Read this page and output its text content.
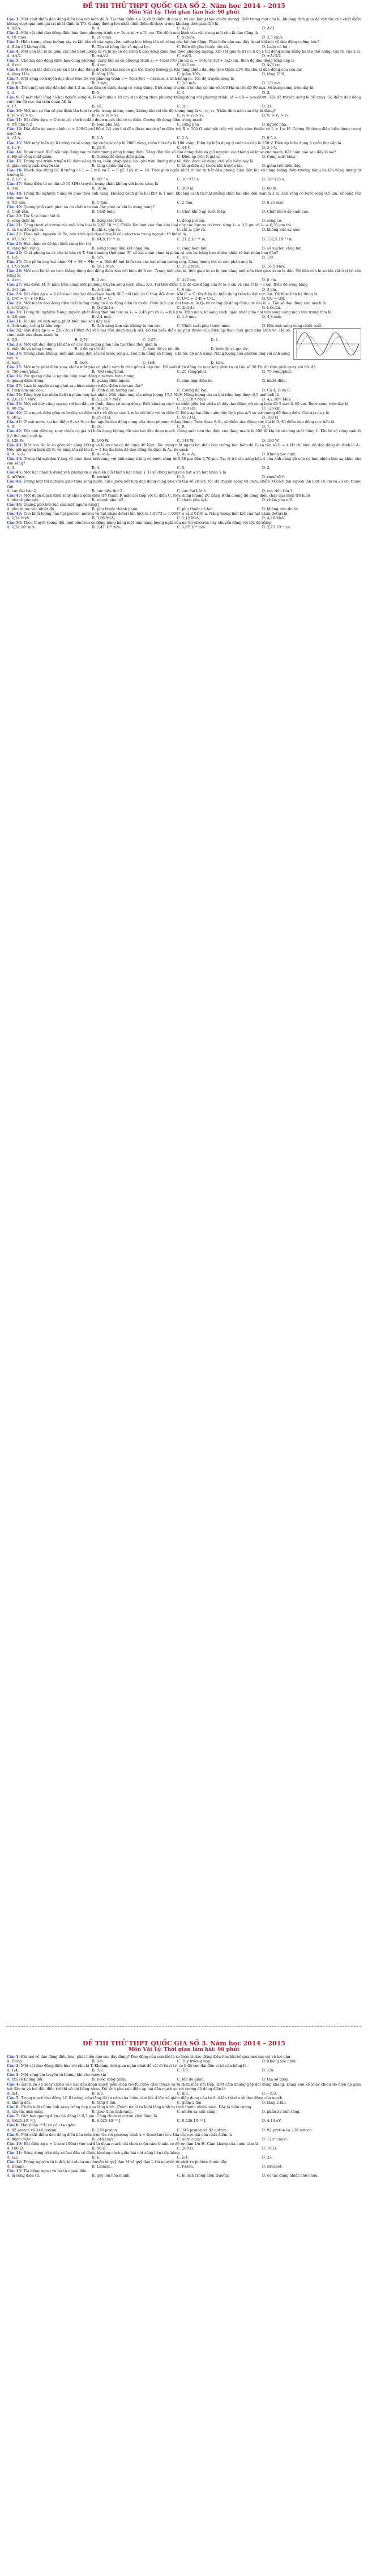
ĐỀ THI THỬ THPT QUỐC GIA SỐ 2. Năm học 2014 – 2015

Môn Vật Lý. Thời gian làm bài: 90 phút

Câu 1: Một chất điểm dao động điều hòa với biên độ A. Tại thời điểm t = 0, chất điểm đi qua vị trí cân bằng theo chiều dương. Biết trong một chu kì, khoảng thời gian để vận tốc của chất điểm không vượt quá một giá trị nhất định là T/3. Quãng đường lớn nhất chất điểm đi được trong khoảng thời gian T/6 là

A. 0,5A.	B. A.	C. A√2.	D. A√3.

Câu 2: Một vật nhỏ dao động điều hòa theo phương trình x = 5cos(πt + π/3) cm. Tốc độ trung bình của vật trong một chu kì dao động là

A. 10 cm/s.	B. 20 cm/s.	C. 5 cm/s.	D. 2,5 cm/s.

Câu 3: Hiện tượng cộng hưởng xảy ra khi tần số của ngoại lực cưỡng bức bằng tần số riêng của hệ dao động. Phát biểu nào sau đây là sai khi nói về dao động cưỡng bức?

A. Biên độ không đổi.	B. Tần số bằng tần số ngoại lực.	C. Biên độ phụ thuộc tần số.	D. Luôn có lợi.

Câu 4: Một con lắc lò xo gồm vật nhỏ khối lượng m và lò xo có độ cứng k dao động điều hòa theo phương ngang. Khi vật qua vị trí có li độ x thì động năng bằng ba lần thế năng. Giá trị của x là

A. ±A/2.	B. ±A/√2.	C. ±A/3.	D. ±A√3/2.

Câu 5: Cho hai dao động điều hòa cùng phương, cùng tần số có phương trình x₁ = 4cos(10t) cm và x₂ = 4√3cos(10t + π/2) cm. Biên độ dao động tổng hợp là

A. 8 cm.	B. 4 cm.	C. 4√2 cm.	D. 4√3 cm.

Câu 6: Một con lắc đơn có chiều dài ℓ dao động điều hòa tại nơi có gia tốc trọng trường g. Khi tăng chiều dài dây treo thêm 21% thì chu kì dao động của con lắc

A. tăng 11%.	B. tăng 10%.	C. giảm 10%.	D. tăng 21%.

Câu 7: Một sóng cơ truyền dọc theo trục Ox với phương trình u = 5cos(6πt − πx) mm, x tính bằng m. Tốc độ truyền sóng là

A. 6 m/s.	B. 3 m/s.	C. 1/6 m/s.	D. 1/3 m/s.

Câu 8: Trên một sợi dây đàn hồi dài 1,2 m, hai đầu cố định, đang có sóng dừng. Biết sóng truyền trên dây có tần số 100 Hz và tốc độ 80 m/s. Số bụng sóng trên dây là

A. 3.	B. 5.	C. 4.	D. 2.

Câu 9: Ở mặt chất lỏng có hai nguồn sóng A, B cách nhau 18 cm, dao động theo phương thẳng đứng với phương trình uA = uB = acos50πt. Tốc độ truyền sóng là 50 cm/s. Số điểm dao động với biên độ cực đại trên đoạn AB là

A. 17.	B. 19.	C. 18.	D. 21.

Câu 10: Một âm có tần số xác định lần lượt truyền trong nhôm, nước, không khí với tốc độ tương ứng là v₁, v₂, v₃. Nhận định nào sau đây là đúng?

A. v₂ > v₁ > v₃.	B. v₁ > v₂ > v₃.	C. v₃ > v₂ > v₁.	D. v₁ > v₃ > v₂.

Câu 11: Đặt điện áp u = U₀cos(ωt) vào hai đầu đoạn mạch chỉ có tụ điện. Cường độ dòng điện trong mạch

A. trễ pha π/2.	B. sớm pha π/2.	C. cùng pha.	D. ngược pha.

Câu 12: Đặt điện áp xoay chiều u = 200√2cos100πt (V) vào hai đầu đoạn mạch gồm điện trở R = 100 Ω mắc nối tiếp với cuộn cảm thuần có L = 1/π H. Cường độ dòng điện hiệu dụng trong mạch là

A. √2 A.	B. 1 A.	C. 2 A.	D. 0,5 A.

Câu 13: Một máy biến áp lí tưởng có số vòng dây cuộn sơ cấp là 2000 vòng, cuộn thứ cấp là 100 vòng. Điện áp hiệu dụng ở cuộn sơ cấp là 220 V. Điện áp hiệu dụng ở cuộn thứ cấp là

A. 11 V.	B. 22 V.	C. 44 V.	D. 5,5 V.

Câu 14: Đoạn mạch RLC nối tiếp đang xảy ra hiện tượng cộng hưởng điện. Tăng dần tần số của dòng điện và giữ nguyên các thông số khác của mạch. Kết luận nào sau đây là sai?

A. Hệ số công suất giảm.	B. Cường độ dòng điện giảm.	C. Điện áp trên R giảm.	D. Công suất tăng.

Câu 15: Trong quá trình truyền tải điện năng đi xa, biện pháp giảm hao phí trên đường dây tải điện được sử dụng chủ yếu hiện nay là

A. giảm công suất truyền tải.	B. tăng chiều dài dây.	C. tăng điện áp trước khi truyền tải.	D. giảm tiết diện dây.

Câu 16: Mạch dao động LC lí tưởng có L = 2 mH và C = 8 pF. Lấy π² = 10. Thời gian ngắn nhất từ lúc tụ bắt đầu phóng điện đến lúc có năng lượng điện trường bằng ba lần năng lượng từ trường là

A. 2.10⁻⁷ s.	B. 10⁻⁷ s.	C. 10⁻⁵/75 s.	D. 10⁻⁶/15 s.

Câu 17: Sóng điện từ có tần số 10 MHz truyền trong chân không với bước sóng là

A. 3 m.	B. 30 m.	C. 300 m.	D. 60 m.

Câu 18: Trong thí nghiệm Y-âng về giao thoa ánh sáng, khoảng cách giữa hai khe là 1 mm, khoảng cách từ mặt phẳng chứa hai khe đến màn là 2 m, ánh sáng có bước sóng 0,5 μm. Khoảng vân trên màn là

A. 0,5 mm.	B. 1 mm.	C. 2 mm.	D. 0,25 mm.

Câu 19: Quang phổ vạch phát xạ do chất nào sau đây phát ra khi bị nung nóng?

A. Chất rắn.	B. Chất lỏng.	C. Chất khí ở áp suất thấp.	D. Chất khí ở áp suất cao.

Câu 20: Tia X có bản chất là

A. sóng điện từ.	B. dòng electron.	C. dòng proton.	D. sóng cơ.

Câu 21: Công thoát electron của một kim loại là 3,68.10⁻¹⁹ J. Chiếu lần lượt vào tấm kim loại này các bức xạ có bước sóng λ₁ = 0,5 μm và λ₂ = 0,35 μm thì

A. cả hai đều gây ra.	B. chỉ λ₂ gây ra.	C. chỉ λ₁ gây ra.	D. không bức xạ nào.

Câu 22: Theo mẫu nguyên tử Bo, bán kính quỹ đạo dừng N của electron trong nguyên tử hiđrô là

A. 47,7.10⁻¹¹ m.	B. 84,8.10⁻¹¹ m.	C. 21,2.10⁻¹¹ m.	D. 132,5.10⁻¹¹ m.

Câu 23: Hạt nhân có độ hụt khối càng lớn thì

A. càng bền vững.	B. năng lượng liên kết càng lớn.	C. càng kém bền.	D. số nuclon càng lớn.

Câu 24: Chất phóng xạ có chu kì bán rã T. Sau khoảng thời gian 3T, số hạt nhân chưa bị phân rã còn lại bằng bao nhiêu phần số hạt nhân ban đầu?

A. 1/3.	B. 1/6.	C. 1/8.	D. 1/9.

Câu 25: Cho phản ứng hạt nhân ²H + ³H → ⁴He + n. Biết độ hụt khối của các hạt nhân tương ứng. Năng lượng tỏa ra của phản ứng là

A. 17,6 MeV.	B. 18,1 MeV.	C. 15,2 MeV.	D. 16,5 MeV.

Câu 26: Một con lắc lò xo treo thẳng đứng dao động điều hòa với biên độ 8 cm. Trong một chu kì, thời gian lò xo bị nén bằng một nửa thời gian lò xo bị dãn. Độ dãn của lò xo khi vật ở vị trí cân bằng là

A. 4 cm.	B. 2 cm.	C. 4√2 cm.	D. 8 cm.

Câu 27: Hai điểm M, N nằm trên cùng một phương truyền sóng cách nhau λ/3. Tại thời điểm t, li độ dao động của M là 3 cm và của N là −3 cm. Biên độ sóng bằng

A. 2√3 cm.	B. 3√2 cm.	C. 6 cm.	D. 3 cm.

Câu 28: Đặt điện áp u = U√2cosωt vào hai đầu đoạn mạch RLC nối tiếp có C thay đổi được. Khi C = C₁ thì điện áp hiệu dụng trên tụ đạt cực đại. Hệ thức liên hệ đúng là

A. U²C = U² + U²RL.	B. UC = U.	C. U²C = U²R + U²L.	D. UC = UR.

Câu 29: Một mạch dao động điện từ lí tưởng đang có dao động điện từ tự do. Điện tích cực đại trên tụ là Q₀ và cường độ dòng điện cực đại là I₀. Tần số dao động của mạch là

A. I₀/(2πQ₀).	B. Q₀/(2πI₀).	C. 2πQ₀I₀.	D. I₀Q₀/2π.

Câu 30: Trong thí nghiệm Y-âng, nguồn phát đồng thời hai bức xạ λ₁ = 0,45 μm và λ₂ = 0,6 μm. Trên màn, khoảng cách ngắn nhất giữa hai vân sáng cùng màu vân trung tâm là

A. 3,6 mm.	B. 2,4 mm.	C. 1,8 mm.	D. 4,8 mm.

Câu 31: Khi nói về ánh sáng, phát biểu nào sau đây sai?

A. Ánh sáng trắng là hỗn hợp.	B. Ánh sáng đơn sắc không bị tán sắc.	C. Chiết suất phụ thuộc màu.	D. Mọi ánh sáng cùng chiết suất.

Câu 32: Đặt điện áp u = 220√2cos100πt (V) vào hai đầu đoạn mạch AB. Đồ thị biểu diễn sự phụ thuộc của điện áp theo thời gian như hình vẽ. Hệ số công suất của đoạn mạch là

A. 0,5.	B. 0,71.	C. 0,87.	D. 1.

Câu 33: Một vật dao động tắt dần có các đại lượng giảm liên tục theo thời gian là

A. biên độ và năng lượng.	B. li độ và tốc độ.	C. biên độ và tốc độ.	D. biên độ và gia tốc.

Câu 34: Trong chân không, một ánh sáng đơn sắc có bước sóng λ. Gọi h là hằng số Plăng, c là tốc độ ánh sáng. Năng lượng của phôtôn ứng với ánh sáng này là

A. hλ/c.	B. hc/λ.	C. λc/h.	D. λ/hc.

Câu 35: Một máy phát điện xoay chiều một pha có phần cảm là rôto gồm 4 cặp cực. Để suất điện động do máy này phát ra có tần số 50 Hz thì rôto phải quay với tốc độ

A. 750 vòng/phút.	B. 480 vòng/phút.	C. 25 vòng/phút.	D. 75 vòng/phút.

Câu 36: Pin quang điện là nguồn điện hoạt động dựa trên hiện tượng

A. quang điện trong.	B. quang điện ngoài.	C. cảm ứng điện từ.	D. nhiệt điện.

Câu 37: Laze là nguồn sáng phát ra chùm sáng có đặc điểm nào sau đây?

A. Tính đơn sắc cao.	B. Tính định hướng cao.	C. Cường độ lớn.	D. Cả A, B và C.

Câu 38: Tổng hợp hạt nhân heli từ phản ứng hạt nhân. Mỗi phản ứng tỏa năng lượng 17,3 MeV. Năng lượng tỏa ra khi tổng hợp được 0,5 mol heli là

A. 2,6.10²⁴ MeV.	B. 5,2.10²⁴ MeV.	C. 1,3.10²⁴ MeV.	D. 4,2.10²⁴ MeV.

Câu 39: Một sợi dây căng ngang với hai đầu cố định, đang có sóng dừng. Biết khoảng cách xa nhất giữa hai phần tử dây dao động với cùng biên độ 5 mm là 80 cm. Bước sóng trên dây là

A. 80 cm.	B. 40 cm.	C. 160 cm.	D. 120 cm.

Câu 40: Cho mạch điện gồm cuộn dây có điện trở r và độ tự cảm L mắc nối tiếp với tụ điện C. Điện áp hai đầu cuộn dây lệch pha π/3 so với cường độ dòng điện. Giá trị của r là

A. 50 Ω.	B. 25√3 Ω.	C. 50√3 Ω.	D. 100 Ω.

Câu 41: Ở mặt nước, tại hai điểm S₁ và S₂ có hai nguồn dao động cùng pha theo phương thẳng đứng. Trên đoạn S₁S₂, số điểm dao động cực đại là 9. Số điểm dao động cực tiểu là

A. 8.	B. 10.	C. 9.	D. 7.

Câu 42: Đặt một điện áp xoay chiều có giá trị hiệu dụng không đổi vào hai đầu đoạn mạch. Công suất tiêu thụ điện của đoạn mạch là 200 W khi hệ số công suất bằng 1. Khi hệ số công suất là 0,8 thì công suất là

A. 128 W.	B. 160 W.	C. 144 W.	D. 100 W.

Câu 43: Một con lắc lò xo gồm vật nặng 100 g và lò xo nhẹ có độ cứng 40 N/m. Tác dụng một ngoại lực điều hòa cưỡng bức biên độ F₀ và tần số f₁ = 4 Hz thì biên độ dao động ổn định là A₁. Nếu giữ nguyên biên độ F₀ và tăng tần số lên f₂ = 5 Hz thì biên độ dao động ổn định là A₂. So sánh

A. A₁ > A₂.	B. A₁ < A₂.	C. A₁ = A₂.	D. Không xác định.

Câu 44: Trong thí nghiệm Y-âng về giao thoa ánh sáng với ánh sáng trắng có bước sóng từ 0,38 μm đến 0,76 μm. Tại vị trí vân sáng bậc 4 của ánh sáng đỏ còn có bao nhiêu bức xạ khác cho vân sáng?

A. 3.	B. 4.	C. 5.	D. 2.

Câu 45: Một hạt nhân X đứng yên phóng xạ α và biến đổi thành hạt nhân Y. Tỉ số động năng của hạt α và hạt nhân Y là

A. mY/mα.	B. mα/mY.	C. 1.	D. (mα/mY)².

Câu 46: Trong một thí nghiệm giao thoa sóng nước, hai nguồn kết hợp dao động cùng pha với tần số 20 Hz, tốc độ truyền sóng 40 cm/s. Điểm M cách hai nguồn lần lượt 16 cm và 20 cm thuộc vân

A. cực đại bậc 2.	B. cực tiểu thứ 2.	C. cực đại bậc 1.	D. cực tiểu thứ 3.

Câu 47: Một đoạn mạch điện xoay chiều gồm điện trở thuần R mắc nối tiếp với tụ điện C. Nếu dung kháng ZC bằng R thì cường độ dòng điện chạy qua điện trở luôn

A. nhanh pha π/4.	B. nhanh pha π/2.	C. chậm pha π/4.	D. chậm pha π/2.

Câu 48: Quang phổ liên tục của một nguồn sáng J

A. phụ thuộc vào nhiệt độ.	B. phụ thuộc thành phần.	C. phụ thuộc cả hai.	D. không phụ thuộc.

Câu 49: Cho khối lượng của hạt proton, nơtron và hạt nhân đơteri lần lượt là 1,0073 u; 1,0087 u và 2,0136 u. Năng lượng liên kết của hạt nhân đơteri là

A. 2,24 MeV.	B. 3,06 MeV.	C. 1,12 MeV.	D. 4,48 MeV.

Câu 50: Theo thuyết tương đối, một electron có động năng bằng một nửa năng lượng nghỉ của nó thì electron này chuyển động với tốc độ bằng

A. 2,24.10⁸ m/s.	B. 2,41.10⁸ m/s.	C. 1,67.10⁸ m/s.	D. 2,75.10⁸ m/s.

ĐỀ THI THỬ THPT QUỐC GIA SỐ 3. Năm học 2014 – 2015

Môn Vật Lý. Thời gian làm bài: 90 phút

Câu 1: Khi nói về dao động điều hòa, phát biểu nào sau đây đúng? Dao động của con lắc lò xo luôn là dao động điều hòa khi bỏ qua mọi ma sát và lực cản.

A. Đúng.	B. Sai.	C. Tùy trường hợp.	D. Không xác định.

Câu 2: Một vật dao động điều hòa với chu kì T. Khoảng thời gian ngắn nhất để vật đi từ vị trí có li độ cực đại đến vị trí cân bằng là

A. T/4.	B. T/2.	C. T/8.	D. T/6.

Câu 3: Một sóng âm truyền từ không khí vào nước thì

A. tần số không đổi.	B. bước sóng giảm.	C. tốc độ giảm.	D. tần số tăng.

Câu 4: Đặt điện áp xoay chiều vào hai đầu đoạn mạch gồm điện trở R, cuộn cảm thuần và tụ điện mắc nối tiếp. Biết cảm kháng gấp đôi dung kháng. Dùng vôn kế xoay chiều đo điện áp giữa hai đầu tụ và hai đầu điện trở thì số chỉ bằng nhau. Độ lệch pha của điện áp hai đầu mạch so với cường độ dòng điện là

A. π/4.	B. π/6.	C. π/3.	D. −π/3.

Câu 5: Trong mạch dao động LC lí tưởng, nếu tăng độ tự cảm của cuộn cảm lên 4 lần và giảm điện dung của tụ đi 4 lần thì tần số dao động của mạch

A. không đổi.	B. tăng 4 lần.	C. giảm 2 lần.	D. tăng 2 lần.

Câu 6: Chiếu một chùm ánh sáng trắng hẹp qua lăng kính. Chùm tia ló ra khỏi lăng kính bị tách thành nhiều màu. Đây là hiện tượng

A. tán sắc ánh sáng.	B. giao thoa ánh sáng.	C. nhiễu xạ ánh sáng.	D. phản xạ ánh sáng.

Câu 7: Giới hạn quang điện của đồng là 0,3 μm. Công thoát electron khỏi đồng là

A. 6,625.10⁻¹⁹ J.	B. 6,625.10⁻²⁵ J.	C. 8,526.10⁻¹⁹ J.	D. 4,14 eV.

Câu 8: Hạt nhân ²³⁸U có cấu tạo gồm

A. 92 proton và 146 nơtron.	B. 238 proton.	C. 146 proton và 92 nơtron.	D. 92 proton và 238 nơtron.

Câu 9: Một chất điểm dao động điều hòa trên trục Ox với phương trình x = 6cos(4πt) cm. Gia tốc cực đại của chất điểm là

A. 96π² cm/s².	B. 24π cm/s².	C. 48π² cm/s².	D. 12π² cm/s².

Câu 10: Đặt điện áp u = U₀cos(100πt) vào hai đầu đoạn mạch chỉ chứa cuộn cảm thuần có độ tự cảm 1/π H. Cảm kháng của cuộn cảm là

A. 100 Ω.	B. 50 Ω.	C. 200 Ω.	D. 10 Ω.

Câu 11: Sóng dừng trên dây có hai đầu cố định, khoảng cách giữa hai nút sóng liên tiếp bằng

A. λ/2.	B. λ.	C. λ/4.	D. 2λ.

Câu 12: Trong nguyên tử hiđrô, khi electron chuyển từ quỹ đạo M về quỹ đạo L thì nguyên tử phát ra phôtôn thuộc dãy

A. Banme.	B. Laiman.	C. Pasen.	D. Bracket.

Câu 13: Tia hồng ngoại và tia tử ngoại đều

A. là sóng điện từ.	B. gây ion hóa mạnh.	C. bị lệch trong điện trường.	D. có tác dụng nhiệt như nhau.
